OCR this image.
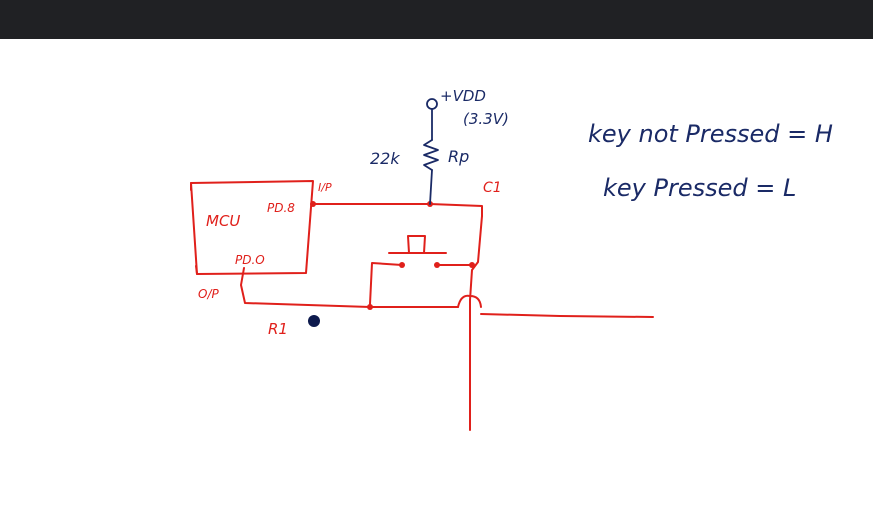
MCU
PD.8
PD.O
I/P
O/P
C1
R1
+VDD
(3.3V)
22k	Rp
key not Pressed = H
key Pressed = L
